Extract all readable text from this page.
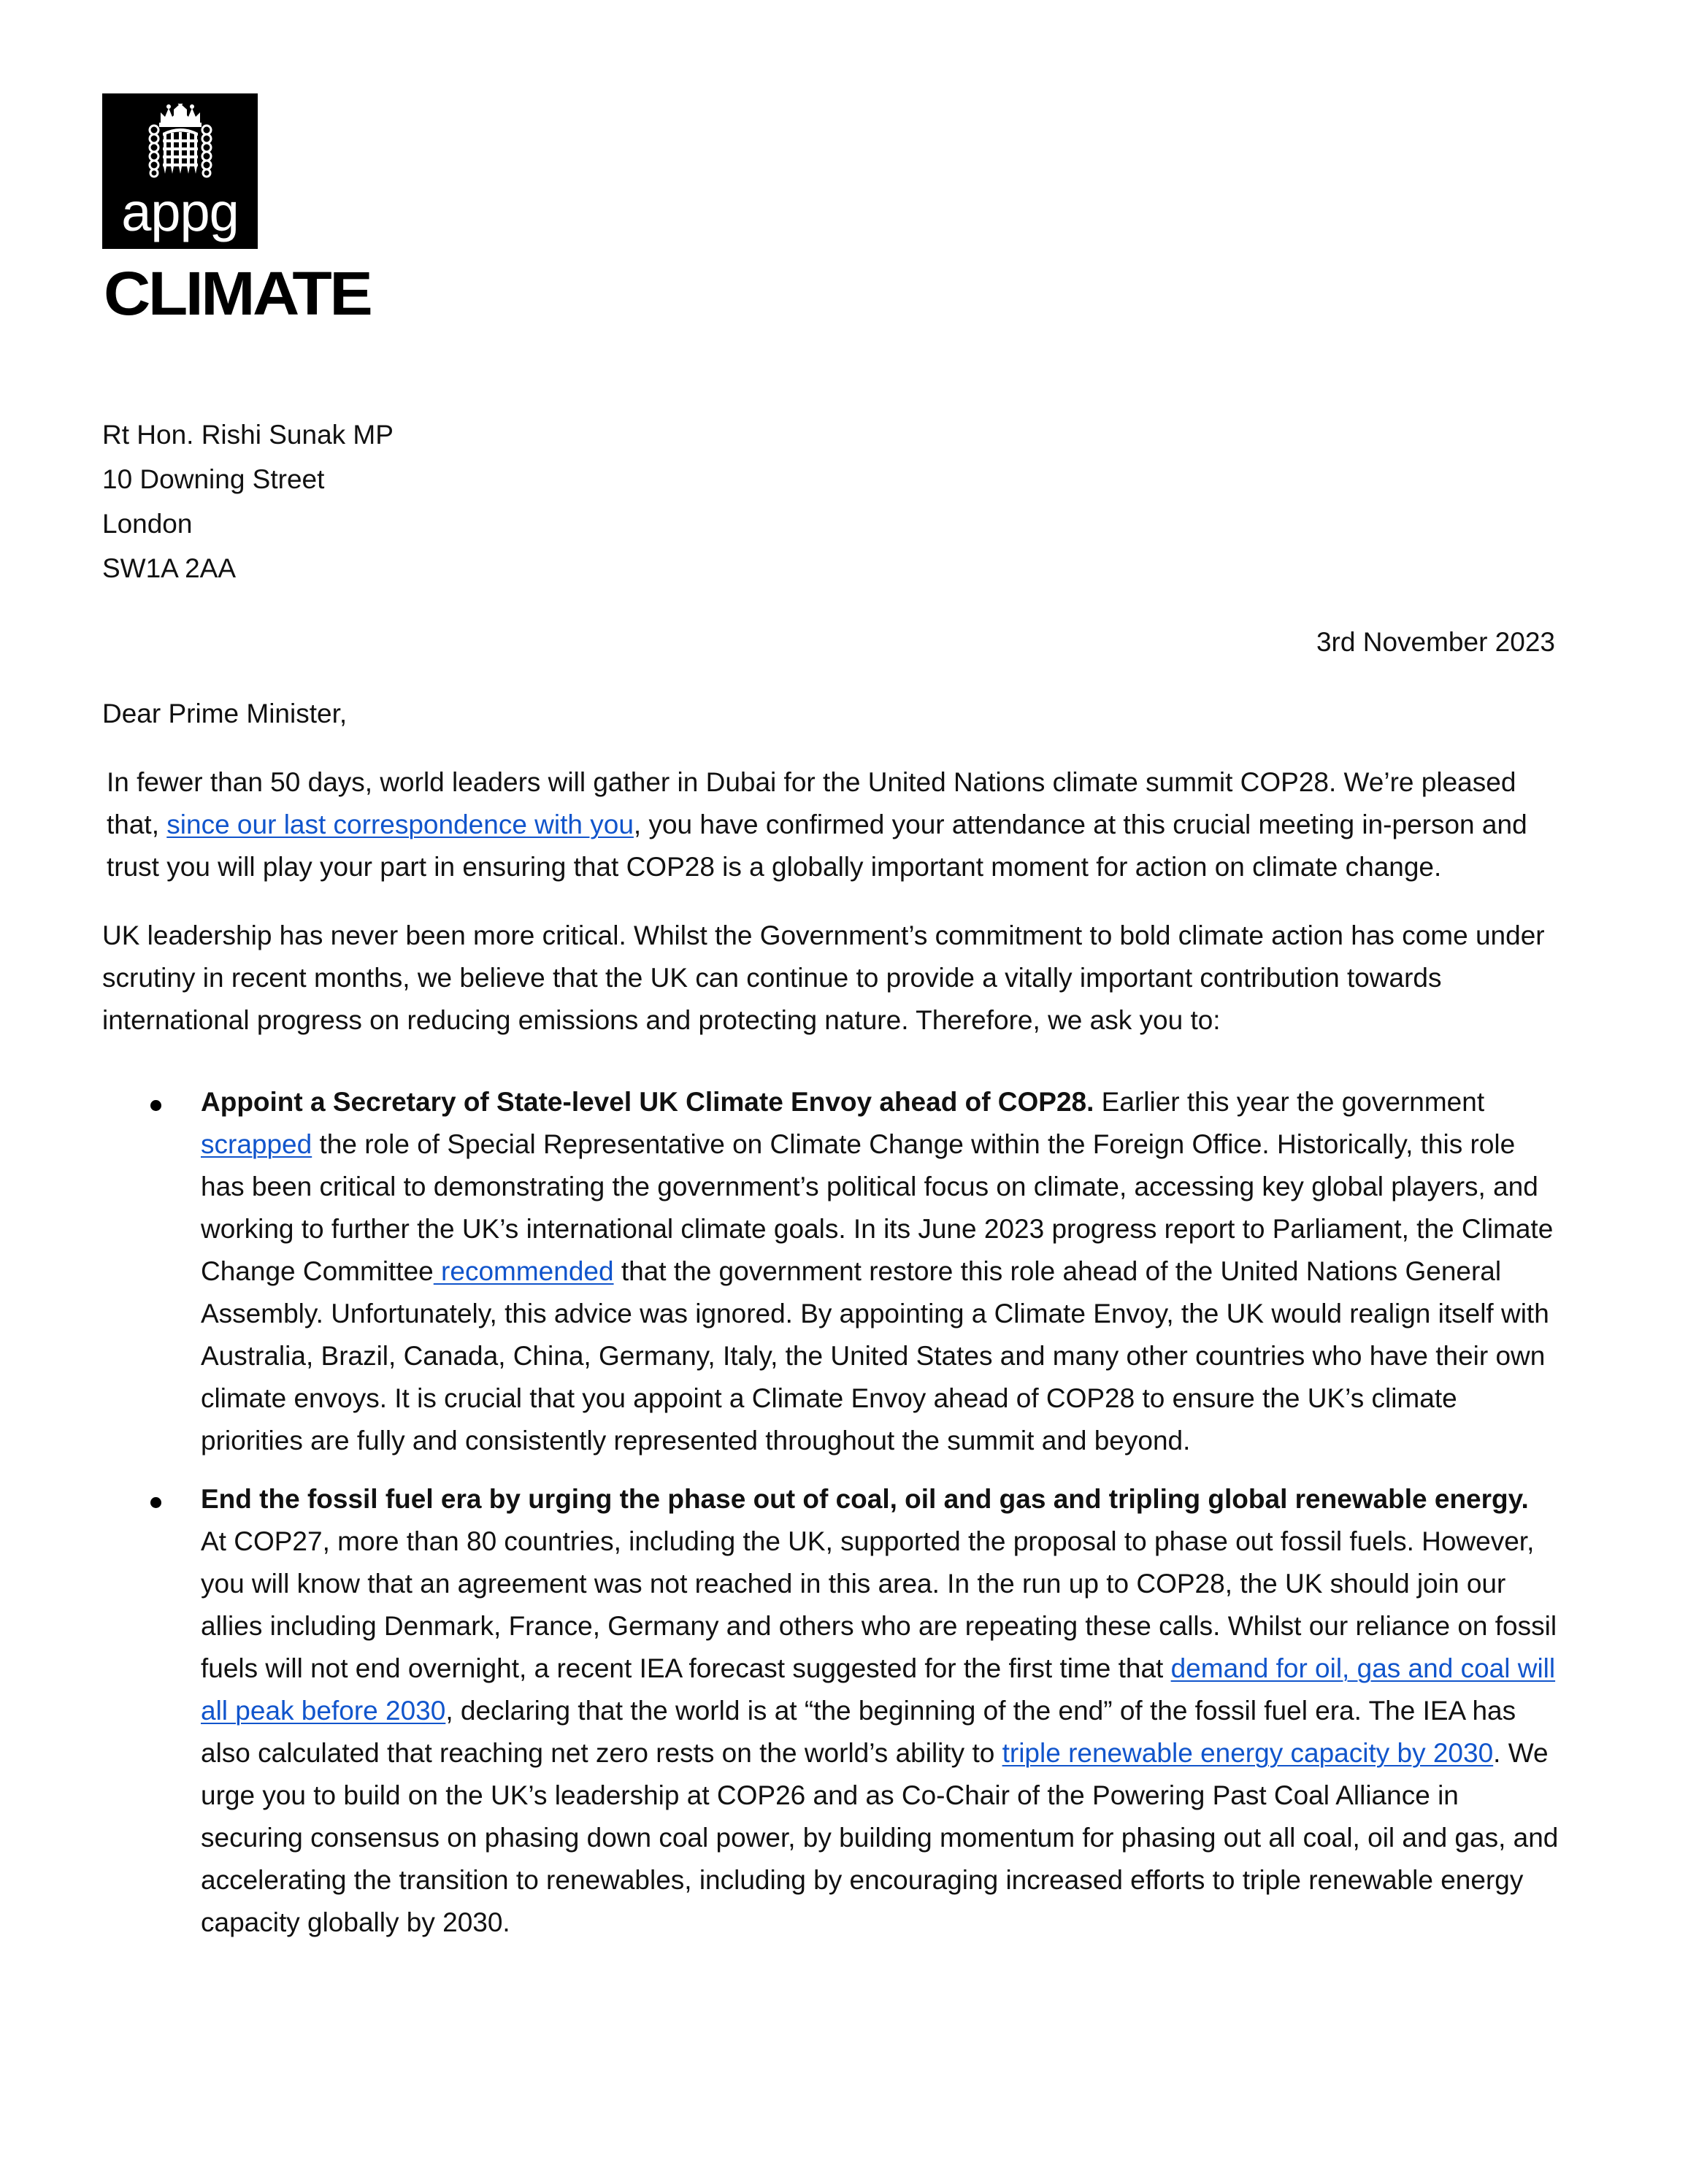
appg
CLIMATE

Rt Hon. Rishi Sunak MP

10 Downing Street

London

SW1A 2AA

3rd November 2023

Dear Prime Minister,

In fewer than 50 days, world leaders will gather in Dubai for the United Nations climate summit COP28. We’re pleased that, since our last correspondence with you, you have confirmed your attendance at this crucial meeting in-person and trust you will play your part in ensuring that COP28 is a globally important moment for action on climate change.

UK leadership has never been more critical. Whilst the Government’s commitment to bold climate action has come under scrutiny in recent months, we believe that the UK can continue to provide a vitally important contribution towards international progress on reducing emissions and protecting nature. Therefore, we ask you to:

Appoint a Secretary of State-level UK Climate Envoy ahead of COP28. Earlier this year the government scrapped the role of Special Representative on Climate Change within the Foreign Office. Historically, this role has been critical to demonstrating the government’s political focus on climate, accessing key global players, and working to further the UK’s international climate goals. In its June 2023 progress report to Parliament, the Climate Change Committee recommended that the government restore this role ahead of the United Nations General Assembly. Unfortunately, this advice was ignored. By appointing a Climate Envoy, the UK would realign itself with Australia, Brazil, Canada, China, Germany, Italy, the United States and many other countries who have their own climate envoys. It is crucial that you appoint a Climate Envoy ahead of COP28 to ensure the UK’s climate priorities are fully and consistently represented throughout the summit and beyond.
End the fossil fuel era by urging the phase out of coal, oil and gas and tripling global renewable energy. At COP27, more than 80 countries, including the UK, supported the proposal to phase out fossil fuels. However, you will know that an agreement was not reached in this area. In the run up to COP28, the UK should join our allies including Denmark, France, Germany and others who are repeating these calls. Whilst our reliance on fossil fuels will not end overnight, a recent IEA forecast suggested for the first time that demand for oil, gas and coal will all peak before 2030, declaring that the world is at “the beginning of the end” of the fossil fuel era. The IEA has also calculated that reaching net zero rests on the world’s ability to triple renewable energy capacity by 2030. We urge you to build on the UK’s leadership at COP26 and as Co-Chair of the Powering Past Coal Alliance in securing consensus on phasing down coal power, by building momentum for phasing out all coal, oil and gas, and accelerating the transition to renewables, including by encouraging increased efforts to triple renewable energy capacity globally by 2030.
